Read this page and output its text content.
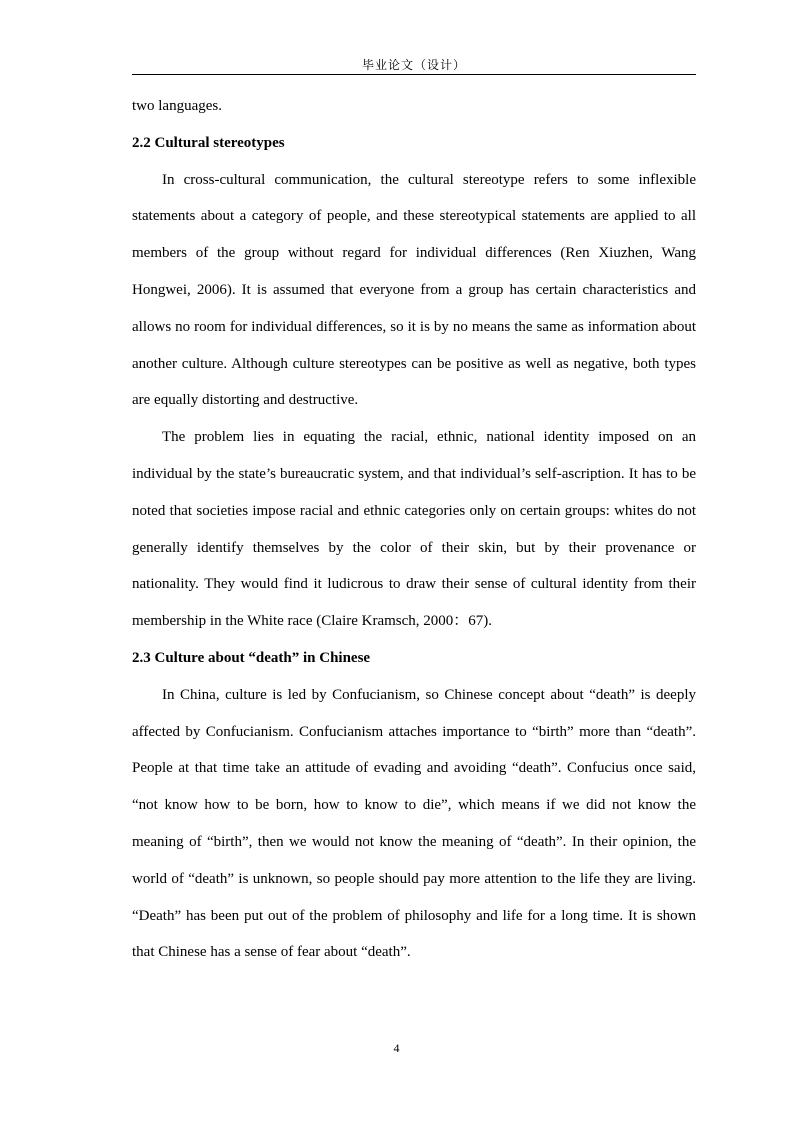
毕业论文（设计）

two languages.

2.2 Cultural stereotypes

In cross-cultural communication, the cultural stereotype refers to some inflexible statements about a category of people, and these stereotypical statements are applied to all members of the group without regard for individual differences (Ren Xiuzhen, Wang Hongwei, 2006). It is assumed that everyone from a group has certain characteristics and allows no room for individual differences, so it is by no means the same as information about another culture. Although culture stereotypes can be positive as well as negative, both types are equally distorting and destructive.

The problem lies in equating the racial, ethnic, national identity imposed on an individual by the state’s bureaucratic system, and that individual’s self-ascription. It has to be noted that societies impose racial and ethnic categories only on certain groups: whites do not generally identify themselves by the color of their skin, but by their provenance or nationality. They would find it ludicrous to draw their sense of cultural identity from their membership in the White race (Claire Kramsch, 2000：67).

2.3 Culture about “death” in Chinese

In China, culture is led by Confucianism, so Chinese concept about “death” is deeply affected by Confucianism. Confucianism attaches importance to “birth” more than “death”. People at that time take an attitude of evading and avoiding “death”. Confucius once said, “not know how to be born, how to know to die”, which means if we did not know the meaning of “birth”, then we would not know the meaning of “death”. In their opinion, the world of “death” is unknown, so people should pay more attention to the life they are living. “Death” has been put out of the problem of philosophy and life for a long time. It is shown that Chinese has a sense of fear about “death”.

4
